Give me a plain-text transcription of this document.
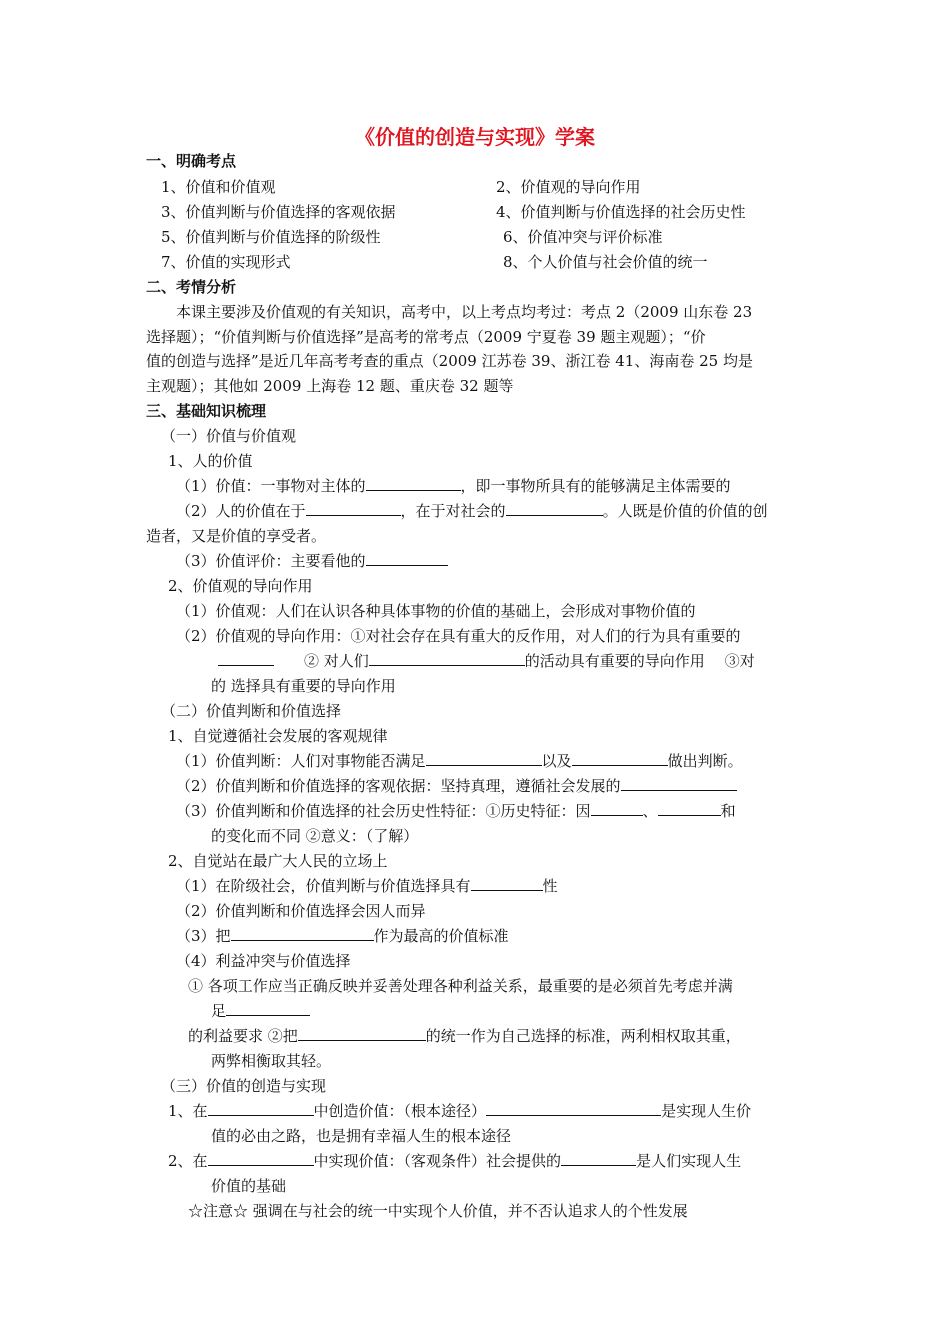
《价值的创造与实现》学案
一、明确考点
1、价值和价值观	2、价值观的导向作用
3、价值判断与价值选择的客观依据	4、价值判断与价值选择的社会历史性
5、价值判断与价值选择的阶级性	6、价值冲突与评价标准
7、价值的实现形式	8、个人价值与社会价值的统一
二、考情分析
本课主要涉及价值观的有关知识，高考中，以上考点均考过：考点 2（2009 山东卷 23
选择题）；“价值判断与价值选择”是高考的常考点（2009 宁夏卷 39 题主观题）；“价
值的创造与选择”是近几年高考考查的重点（2009 江苏卷 39、浙江卷 41、海南卷 25 均是
主观题）；其他如 2009 上海卷 12 题、重庆卷 32 题等
三、基础知识梳理
（一）价值与价值观
1、人的价值
（1）价值：一事物对主体的	，即一事物所具有的能够满足主体需要的
（2）人的价值在于	，在于对社会的	。人既是价值的价值的创
造者，又是价值的享受者。
（3）价值评价：主要看他的
2、价值观的导向作用
（1）价值观：人们在认识各种具体事物的价值的基础上，会形成对事物价值的
（2）价值观的导向作用：①对社会存在具有重大的反作用，对人们的行为具有重要的
② 对人们	的活动具有重要的导向作用 ③对
的 选择具有重要的导向作用
（二）价值判断和价值选择
1、自觉遵循社会发展的客观规律
（1）价值判断：人们对事物能否满足	以及	做出判断。
（2）价值判断和价值选择的客观依据：坚持真理，遵循社会发展的
（3）价值判断和价值选择的社会历史性特征：①历史特征：因	、	和
的变化而不同 ②意义：（了解）
2、自觉站在最广大人民的立场上
（1）在阶级社会，价值判断与价值选择具有	性
（2）价值判断和价值选择会因人而异
（3）把	作为最高的价值标准
（4）利益冲突与价值选择
① 各项工作应当正确反映并妥善处理各种利益关系，最重要的是必须首先考虑并满
足
的利益要求 ②把	的统一作为自己选择的标准，两利相权取其重，
两弊相衡取其轻。
（三）价值的创造与实现
1、在	中创造价值：（根本途径）	是实现人生价
值的必由之路，也是拥有幸福人生的根本途径
2、在	中实现价值：（客观条件）社会提供的	是人们实现人生
价值的基础
☆注意☆ 强调在与社会的统一中实现个人价值，并不否认追求人的个性发展
